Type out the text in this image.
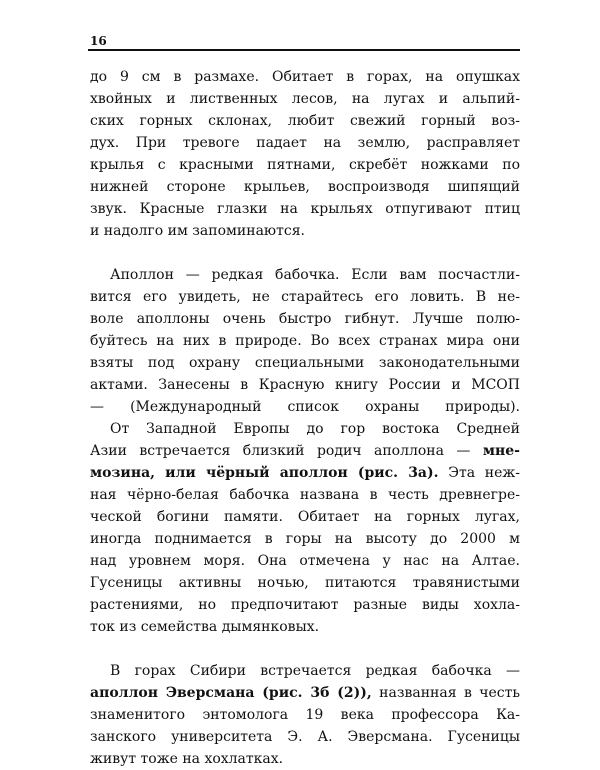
16
до 9 см в размахе. Обитает в горах, на опушках
хвойных и лиственных лесов, на лугах и альпий-
ских горных склонах, любит свежий горный воз-
дух. При тревоге падает на землю, расправляет
крылья с красными пятнами, скребёт ножками по
нижней стороне крыльев, воспроизводя шипящий
звук. Красные глазки на крыльях отпугивают птиц
и надолго им запоминаются.
Аполлон — редкая бабочка. Если вам посчастли-
вится его увидеть, не старайтесь его ловить. В не-
воле аполлоны очень быстро гибнут. Лучше полю-
буйтесь на них в природе. Во всех странах мира они
взяты под охрану специальными законодательными
актами. Занесены в Красную книгу России и МСОП
— (Международный список охраны природы).
От Западной Европы до гор востока Средней
Азии встречается близкий родич аполлона — мне-
мозина, или чёрный аполлон (рис. 3а). Эта неж-
ная чёрно-белая бабочка названа в честь древнегре-
ческой богини памяти. Обитает на горных лугах,
иногда поднимается в горы на высоту до 2000 м
над уровнем моря. Она отмечена у нас на Алтае.
Гусеницы активны ночью, питаются травянистыми
растениями, но предпочитают разные виды хохла-
ток из семейства дымянковых.
В горах Сибири встречается редкая бабочка —
аполлон Эверсмана (рис. 3б (2)), названная в честь
знаменитого энтомолога 19 века профессора Ка-
занского университета Э. А. Эверсмана. Гусеницы
живут тоже на хохлатках.
